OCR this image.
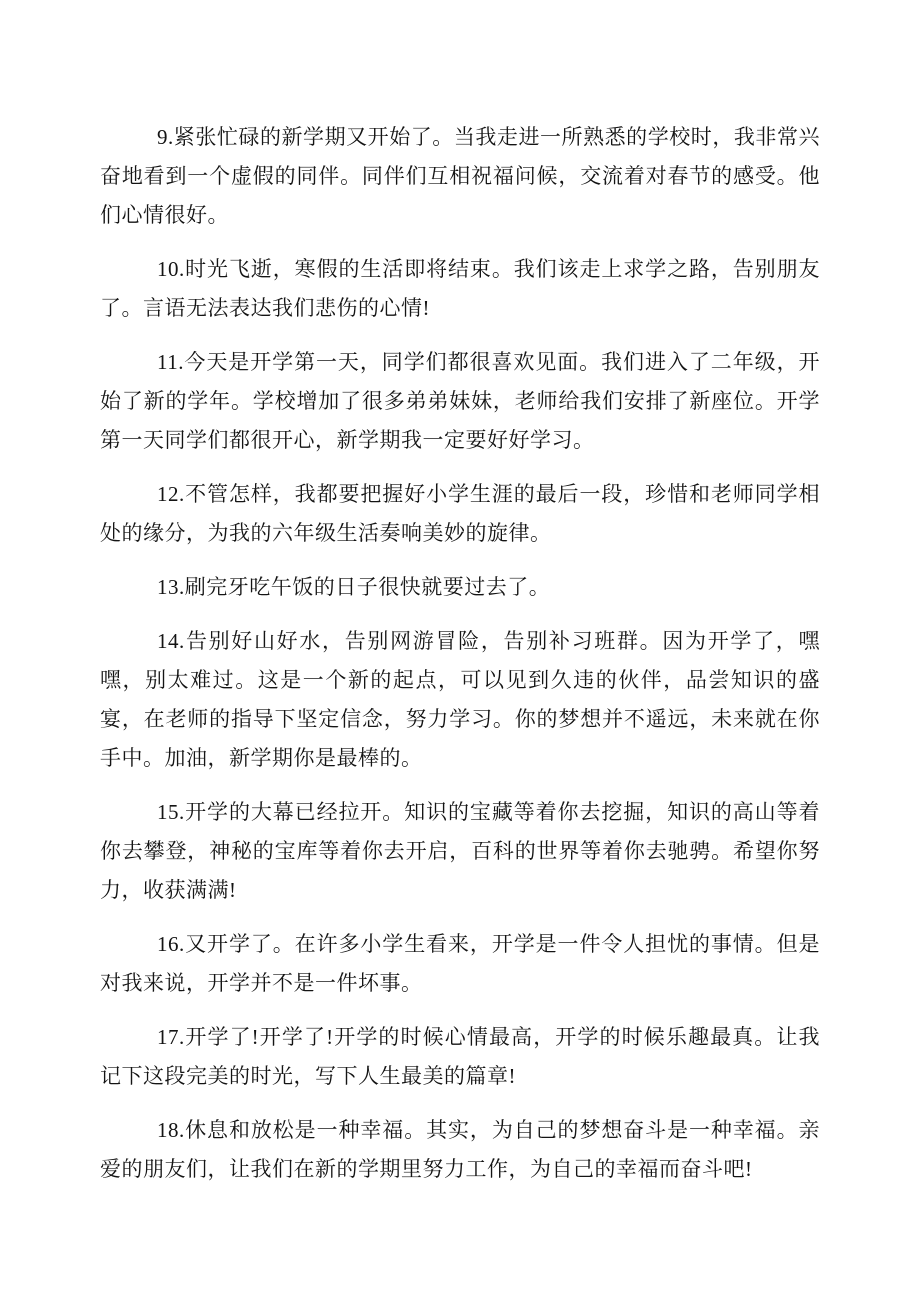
9.紧张忙碌的新学期又开始了。当我走进一所熟悉的学校时，我非常兴奋地看到一个虚假的同伴。同伴们互相祝福问候，交流着对春节的感受。他们心情很好。

10.时光飞逝，寒假的生活即将结束。我们该走上求学之路，告别朋友了。言语无法表达我们悲伤的心情!

11.今天是开学第一天，同学们都很喜欢见面。我们进入了二年级，开始了新的学年。学校增加了很多弟弟妹妹，老师给我们安排了新座位。开学第一天同学们都很开心，新学期我一定要好好学习。

12.不管怎样，我都要把握好小学生涯的最后一段，珍惜和老师同学相处的缘分，为我的六年级生活奏响美妙的旋律。

13.刷完牙吃午饭的日子很快就要过去了。

14.告别好山好水，告别网游冒险，告别补习班群。因为开学了，嘿嘿，别太难过。这是一个新的起点，可以见到久违的伙伴，品尝知识的盛宴，在老师的指导下坚定信念，努力学习。你的梦想并不遥远，未来就在你手中。加油，新学期你是最棒的。

15.开学的大幕已经拉开。知识的宝藏等着你去挖掘，知识的高山等着你去攀登，神秘的宝库等着你去开启，百科的世界等着你去驰骋。希望你努力，收获满满!

16.又开学了。在许多小学生看来，开学是一件令人担忧的事情。但是对我来说，开学并不是一件坏事。

17.开学了!开学了!开学的时候心情最高，开学的时候乐趣最真。让我记下这段完美的时光，写下人生最美的篇章!

18.休息和放松是一种幸福。其实，为自己的梦想奋斗是一种幸福。亲爱的朋友们，让我们在新的学期里努力工作，为自己的幸福而奋斗吧!
